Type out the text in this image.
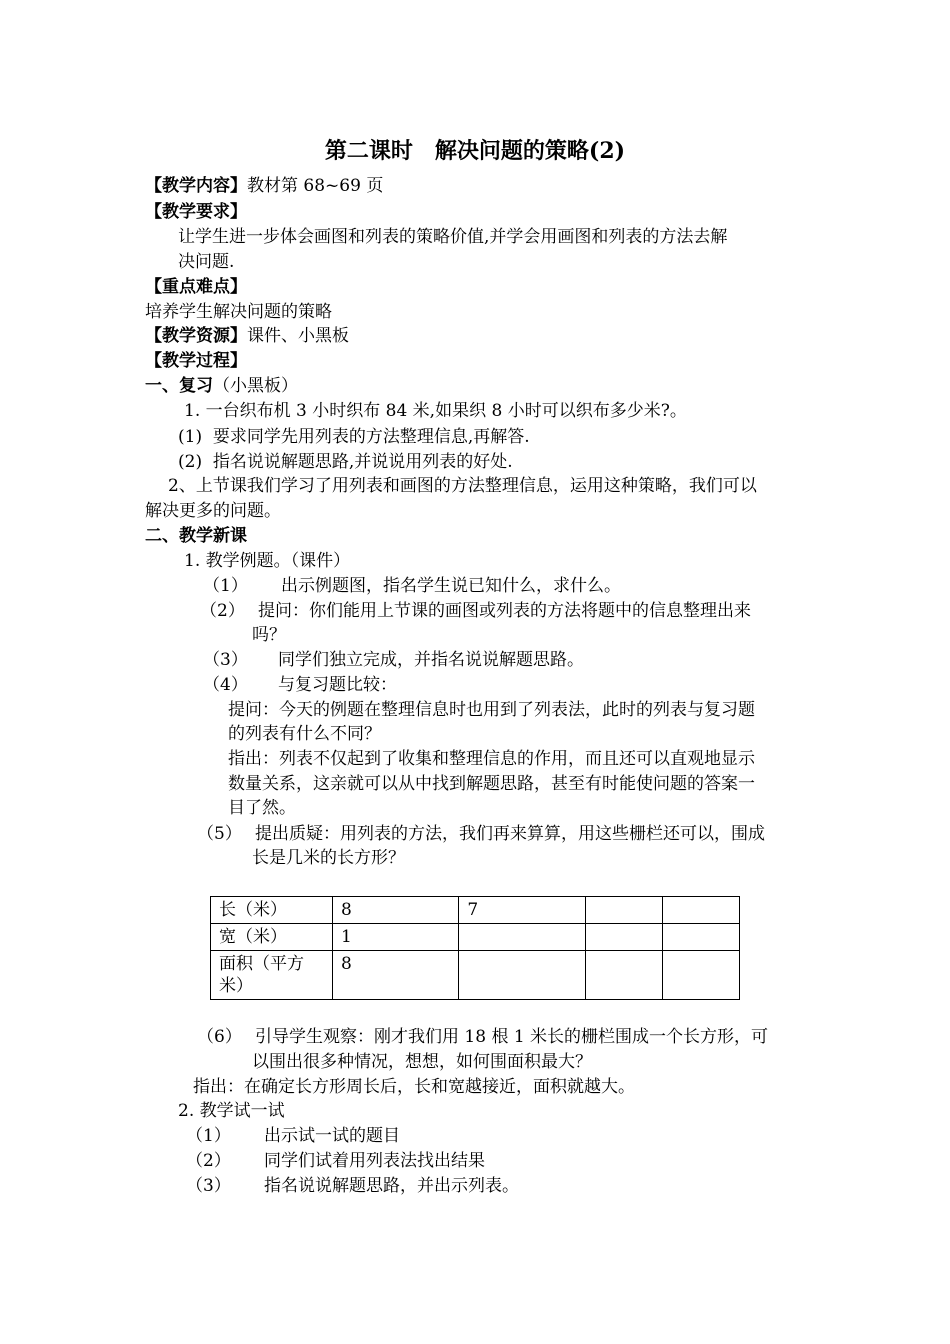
第二课时　解决问题的策略(2)
【教学内容】教材第 68~69 页
【教学要求】
让学生进一步体会画图和列表的策略价值,并学会用画图和列表的方法去解
决问题.
【重点难点】
培养学生解决问题的策略
【教学资源】课件、小黑板
【教学过程】
一、复习（小黑板）
1. 一台织布机 3 小时织布 84 米,如果织 8 小时可以织布多少米?。
(1) 要求同学先用列表的方法整理信息,再解答.
(2) 指名说说解题思路,并说说用列表的好处.
2、上节课我们学习了用列表和画图的方法整理信息，运用这种策略，我们可以
解决更多的问题。
二、教学新课
1. 教学例题。（课件）
（1） 出示例题图，指名学生说已知什么，求什么。
（2） 提问：你们能用上节课的画图或列表的方法将题中的信息整理出来
吗？
（3） 同学们独立完成，并指名说说解题思路。
（4） 与复习题比较：
提问：今天的例题在整理信息时也用到了列表法，此时的列表与复习题
的列表有什么不同？
指出：列表不仅起到了收集和整理信息的作用，而且还可以直观地显示
数量关系，这亲就可以从中找到解题思路，甚至有时能使问题的答案一
目了然。
（5） 提出质疑：用列表的方法，我们再来算算，用这些栅栏还可以，围成
长是几米的长方形？
长（米）	8	7		
宽（米）	1			
面积（平方米）	8			
（6） 引导学生观察：刚才我们用 18 根 1 米长的栅栏围成一个长方形，可
以围出很多种情况，想想，如何围面积最大？
指出：在确定长方形周长后，长和宽越接近，面积就越大。
2. 教学试一试
（1） 出示试一试的题目
（2） 同学们试着用列表法找出结果
（3） 指名说说解题思路，并出示列表。
